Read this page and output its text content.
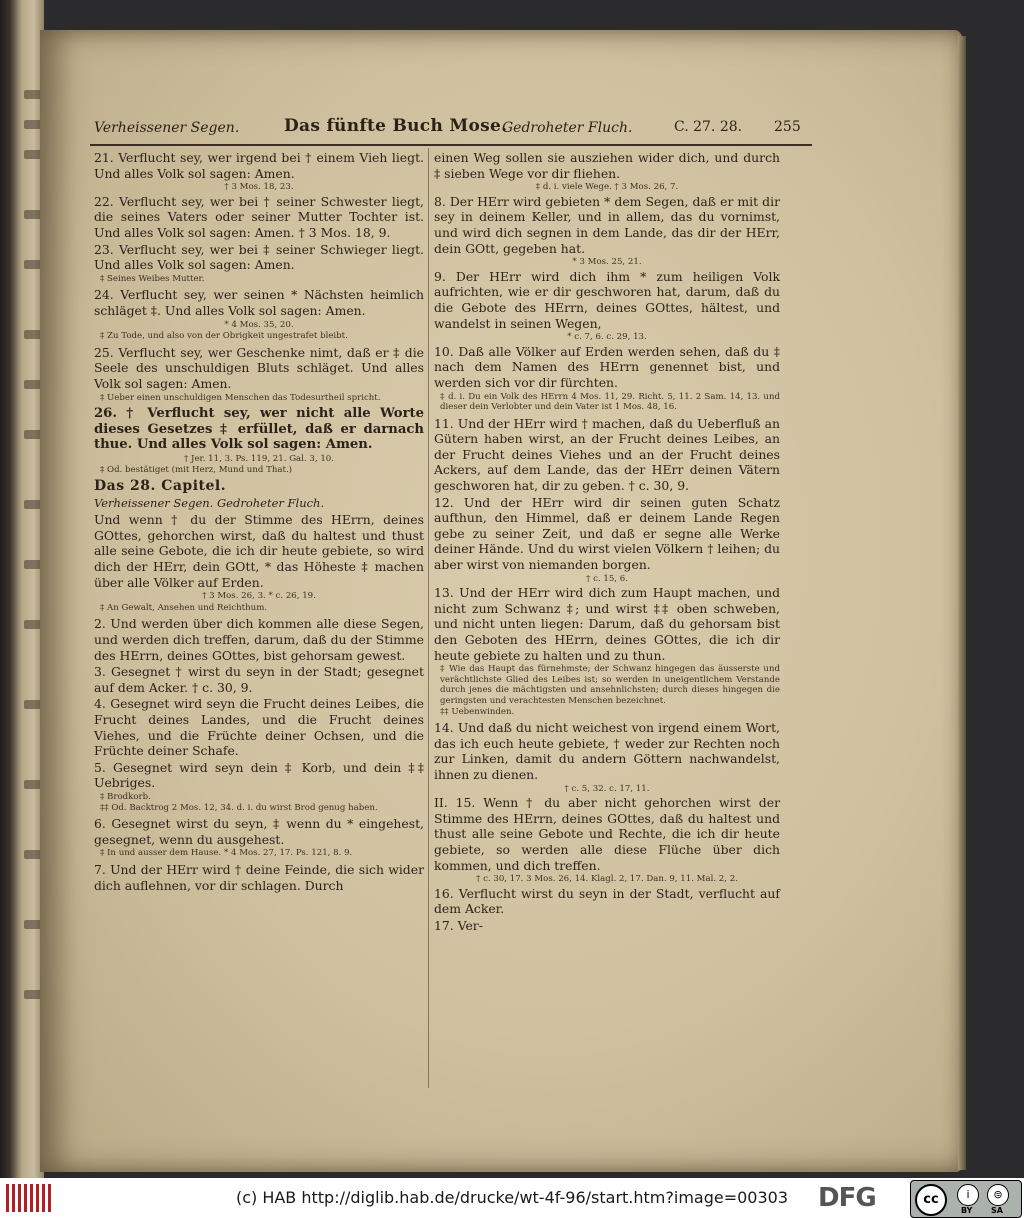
Verheissener Segen.	Das fünfte Buch Mose.
Gedroheter Fluch.	C. 27. 28. 255

21. Verflucht sey, wer irgend bei † einem Vieh liegt. Und alles Volk sol sagen: Amen.

† 3 Mos. 18, 23.

22. Verflucht sey, wer bei † seiner Schwester liegt, die seines Vaters oder seiner Mutter Tochter ist. Und alles Volk sol sagen: Amen. † 3 Mos. 18, 9.

23. Verflucht sey, wer bei ‡ seiner Schwieger liegt. Und alles Volk sol sagen: Amen.

‡ Seines Weibes Mutter.

24. Verflucht sey, wer seinen * Nächsten heimlich schläget ‡. Und alles Volk sol sagen: Amen.

* 4 Mos. 35, 20.

‡ Zu Tode, und also von der Obrigkeit ungestrafet bleibt.

25. Verflucht sey, wer Geschenke nimt, daß er ‡ die Seele des unschuldigen Bluts schläget. Und alles Volk sol sagen: Amen.

‡ Ueber einen unschuldigen Menschen das Todesurtheil spricht.

26. † Verflucht sey, wer nicht alle Worte dieses Gesetzes ‡ erfüllet, daß er darnach thue. Und alles Volk sol sagen: Amen.

† Jer. 11, 3. Ps. 119, 21. Gal. 3, 10.

‡ Od. bestätiget (mit Herz, Mund und That.)

Das 28. Capitel.

Verheissener Segen. Gedroheter Fluch.

Und wenn † du der Stimme des HErrn, deines GOttes, gehorchen wirst, daß du haltest und thust alle seine Gebote, die ich dir heute gebiete, so wird dich der HErr, dein GOtt, * das Höheste ‡ machen über alle Völker auf Erden.

† 3 Mos. 26, 3. * c. 26, 19.

‡ An Gewalt, Ansehen und Reichthum.

2. Und werden über dich kommen alle diese Segen, und werden dich treffen, darum, daß du der Stimme des HErrn, deines GOttes, bist gehorsam gewest.

3. Gesegnet † wirst du seyn in der Stadt; gesegnet auf dem Acker. † c. 30, 9.

4. Gesegnet wird seyn die Frucht deines Leibes, die Frucht deines Landes, und die Frucht deines Viehes, und die Früchte deiner Ochsen, und die Früchte deiner Schafe.

5. Gesegnet wird seyn dein ‡ Korb, und dein ‡‡ Uebriges.

‡ Brodkorb.
‡‡ Od. Backtrog 2 Mos. 12, 34. d. i. du wirst Brod genug haben.

6. Gesegnet wirst du seyn, ‡ wenn du * eingehest, gesegnet, wenn du ausgehest.

‡ In und ausser dem Hause. * 4 Mos. 27, 17. Ps. 121, 8. 9.

7. Und der HErr wird † deine Feinde, die sich wider dich auflehnen, vor dir schlagen. Durch

einen Weg sollen sie ausziehen wider dich, und durch ‡ sieben Wege vor dir fliehen.

‡ d. i. viele Wege. † 3 Mos. 26, 7.

8. Der HErr wird gebieten * dem Segen, daß er mit dir sey in deinem Keller, und in allem, das du vornimst, und wird dich segnen in dem Lande, das dir der HErr, dein GOtt, gegeben hat.

* 3 Mos. 25, 21.

9. Der HErr wird dich ihm * zum heiligen Volk aufrichten, wie er dir geschworen hat, darum, daß du die Gebote des HErrn, deines GOttes, hältest, und wandelst in seinen Wegen,

* c. 7, 6. c. 29, 13.

10. Daß alle Völker auf Erden werden sehen, daß du ‡ nach dem Namen des HErrn genennet bist, und werden sich vor dir fürchten.

‡ d. i. Du ein Volk des HErrn 4 Mos. 11, 29. Richt. 5, 11. 2 Sam. 14, 13. und dieser dein Verlobter und dein Vater ist 1 Mos. 48, 16.

11. Und der HErr wird † machen, daß du Ueberfluß an Gütern haben wirst, an der Frucht deines Leibes, an der Frucht deines Viehes und an der Frucht deines Ackers, auf dem Lande, das der HErr deinen Vätern geschworen hat, dir zu geben. † c. 30, 9.

12. Und der HErr wird dir seinen guten Schatz aufthun, den Himmel, daß er deinem Lande Regen gebe zu seiner Zeit, und daß er segne alle Werke deiner Hände. Und du wirst vielen Völkern † leihen; du aber wirst von niemanden borgen.

† c. 15, 6.

13. Und der HErr wird dich zum Haupt machen, und nicht zum Schwanz ‡; und wirst ‡‡ oben schweben, und nicht unten liegen: Darum, daß du gehorsam bist den Geboten des HErrn, deines GOttes, die ich dir heute gebiete zu halten und zu thun.

‡ Wie das Haupt das fürnehmste; der Schwanz hingegen das äusserste und verächtlichste Glied des Leibes ist; so werden in uneigentlichem Verstande durch jenes die mächtigsten und ansehnlichsten; durch dieses hingegen die geringsten und verachtesten Menschen bezeichnet.
‡‡ Uebenwinden.

14. Und daß du nicht weichest von irgend einem Wort, das ich euch heute gebiete, † weder zur Rechten noch zur Linken, damit du andern Göttern nachwandelst, ihnen zu dienen.

† c. 5, 32. c. 17, 11.

II. 15. Wenn † du aber nicht gehorchen wirst der Stimme des HErrn, deines GOttes, daß du haltest und thust alle seine Gebote und Rechte, die ich dir heute gebiete, so werden alle diese Flüche über dich kommen, und dich treffen.

† c. 30, 17. 3 Mos. 26, 14. Klagl. 2, 17. Dan. 9, 11. Mal. 2, 2.

16. Verflucht wirst du seyn in der Stadt, verflucht auf dem Acker.

17. Ver-

(c) HAB http://diglib.hab.de/drucke/wt-4f-96/start.htm?image=00303	DFG	cc	i	⊜
BY SA
